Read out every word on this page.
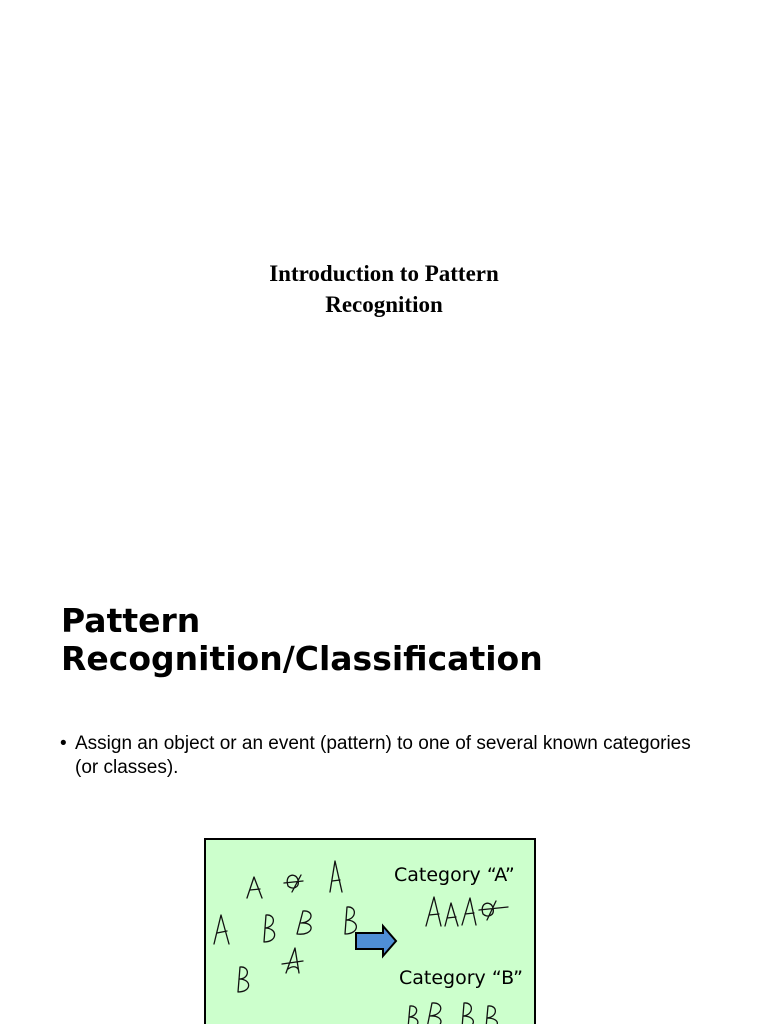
Introduction to Pattern
Recognition
Pattern
Recognition/Classification
• Assign an object or an event (pattern) to one of several known categories (or classes).
Category “A”
Category “B”
